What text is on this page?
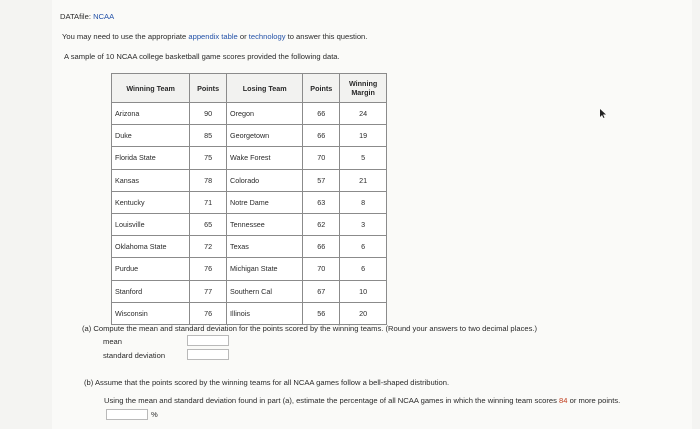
DATAfile: NCAA
You may need to use the appropriate appendix table or technology to answer this question.
A sample of 10 NCAA college basketball game scores provided the following data.
Winning Team	Points	Losing Team	Points	Winning
Margin
Arizona	90	Oregon	66	24
Duke	85	Georgetown	66	19
Florida State	75	Wake Forest	70	5
Kansas	78	Colorado	57	21
Kentucky	71	Notre Dame	63	8
Louisville	65	Tennessee	62	3
Oklahoma State	72	Texas	66	6
Purdue	76	Michigan State	70	6
Stanford	77	Southern Cal	67	10
Wisconsin	76	Illinois	56	20
(a) Compute the mean and standard deviation for the points scored by the winning teams. (Round your answers to two decimal places.)
mean
standard deviation
(b) Assume that the points scored by the winning teams for all NCAA games follow a bell-shaped distribution.
Using the mean and standard deviation found in part (a), estimate the percentage of all NCAA games in which the winning team scores 84 or more points.
%
